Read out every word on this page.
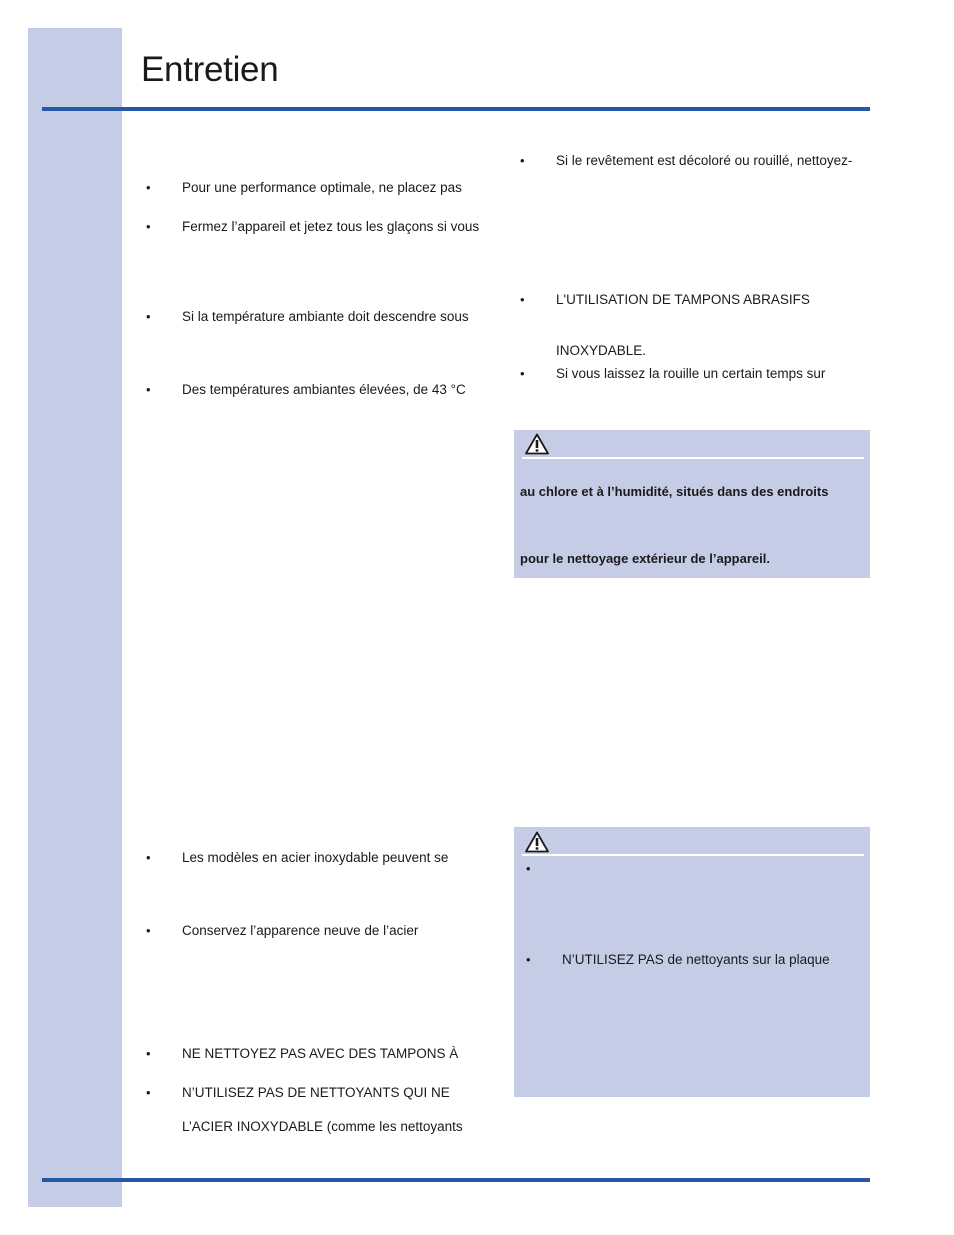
Entretien
• Pour une performance optimale, ne placez pas
• Fermez l’appareil et jetez tous les glaçons si vous
• Si la température ambiante doit descendre sous
• Des températures ambiantes élevées, de 43 °C
• Les modèles en acier inoxydable peuvent se
• Conservez l’apparence neuve de l’acier
• NE NETTOYEZ PAS AVEC DES TAMPONS À
• N’UTILISEZ PAS DE NETTOYANTS QUI NE
L’ACIER INOXYDABLE (comme les nettoyants
• Si le revêtement est décoloré ou rouillé, nettoyez-
• L'UTILISATION DE TAMPONS ABRASIFS
INOXYDABLE.
• Si vous laissez la rouille un certain temps sur
au chlore et à l’humidité, situés dans des endroits
pour le nettoyage extérieur de l’appareil.
•
• N’UTILISEZ PAS de nettoyants sur la plaque
